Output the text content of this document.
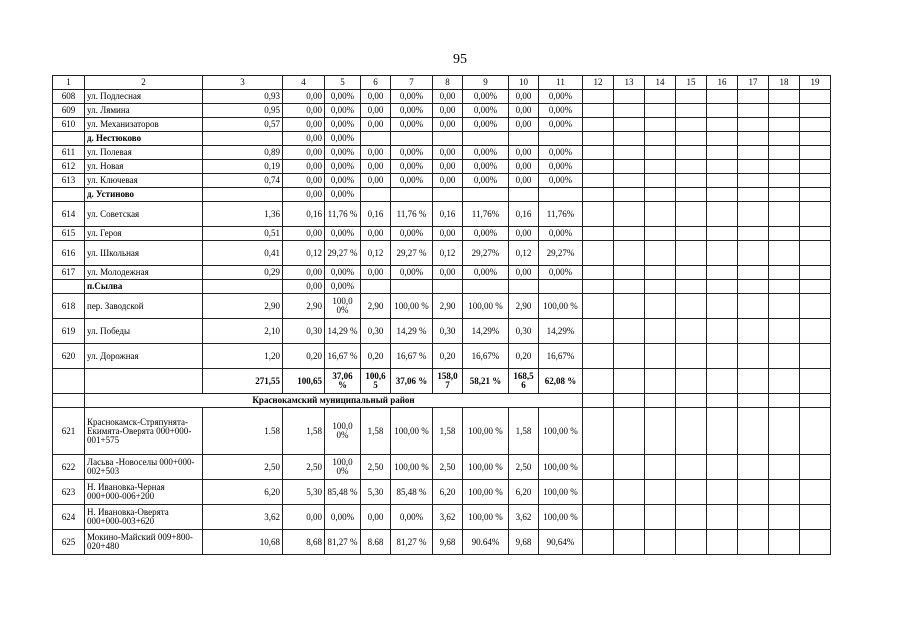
95
1	2	3	4	5	6	7	8	9	10	11	12	13	14	15	16	17	18	19
608	ул. Подлесная	0,93	0,00	0,00%	0,00	0,00%	0,00	0,00%	0,00	0,00%								
609	ул. Лямина	0,95	0,00	0,00%	0,00	0,00%	0,00	0,00%	0,00	0,00%								
610	ул. Механизаторов	0,57	0,00	0,00%	0,00	0,00%	0,00	0,00%	0,00	0,00%								
	д. Нестюково		0,00	0,00%														
611	ул. Полевая	0,89	0,00	0,00%	0,00	0,00%	0,00	0,00%	0,00	0,00%								
612	ул. Новая	0,19	0,00	0,00%	0,00	0,00%	0,00	0,00%	0,00	0,00%								
613	ул. Ключевая	0,74	0,00	0,00%	0,00	0,00%	0,00	0,00%	0,00	0,00%								
	д. Устиново		0,00	0,00%														
614	ул. Советская	1,36	0,16	11,76 %	0,16	11,76 %	0,16	11,76%	0,16	11,76%								
615	ул. Героя	0,51	0,00	0,00%	0,00	0,00%	0,00	0,00%	0,00	0,00%								
616	ул. Школьная	0,41	0,12	29,27 %	0,12	29,27 %	0,12	29,27%	0,12	29,27%								
617	ул. Молодежная	0,29	0,00	0,00%	0,00	0,00%	0,00	0,00%	0,00	0,00%								
	п.Сылва		0,00	0,00%														
618	пер. Заводской	2,90	2,90	100,0 0%	2,90	100,00 %	2,90	100,00 %	2,90	100,00 %								
619	ул. Победы	2,10	0,30	14,29 %	0,30	14,29 %	0,30	14,29%	0,30	14,29%								
620	ул. Дорожная	1,20	0,20	16,67 %	0,20	16,67 %	0,20	16,67%	0,20	16,67%								
		271,55	100,65	37,06 %	100,6 5	37,06 %	158,0 7	58,21 %	168,5 6	62,08 %								
	Краснокамский муниципальный район																	
621	Краснокамск-Стряпунята-Екимята-Оверята 000+000-001+575	1.58	1,58	100,0 0%	1,58	100,00 %	1,58	100,00 %	1,58	100,00 %								
622	Ласьва -Новоселы 000+000-002+503	2,50	2,50	100,0 0%	2,50	100,00 %	2,50	100,00 %	2,50	100,00 %								
623	Н. Ивановка-Черная 000+000-006+200	6,20	5,30	85,48 %	5,30	85,48 %	6,20	100,00 %	6,20	100,00 %								
624	Н. Ивановка-Оверята 000+000-003+620	3,62	0,00	0,00%	0,00	0,00%	3,62	100,00 %	3,62	100,00 %								
625	Мокино-Майский 009+800-020+480	10,68	8,68	81,27 %	8.68	81,27 %	9,68	90.64%	9,68	90,64%								
